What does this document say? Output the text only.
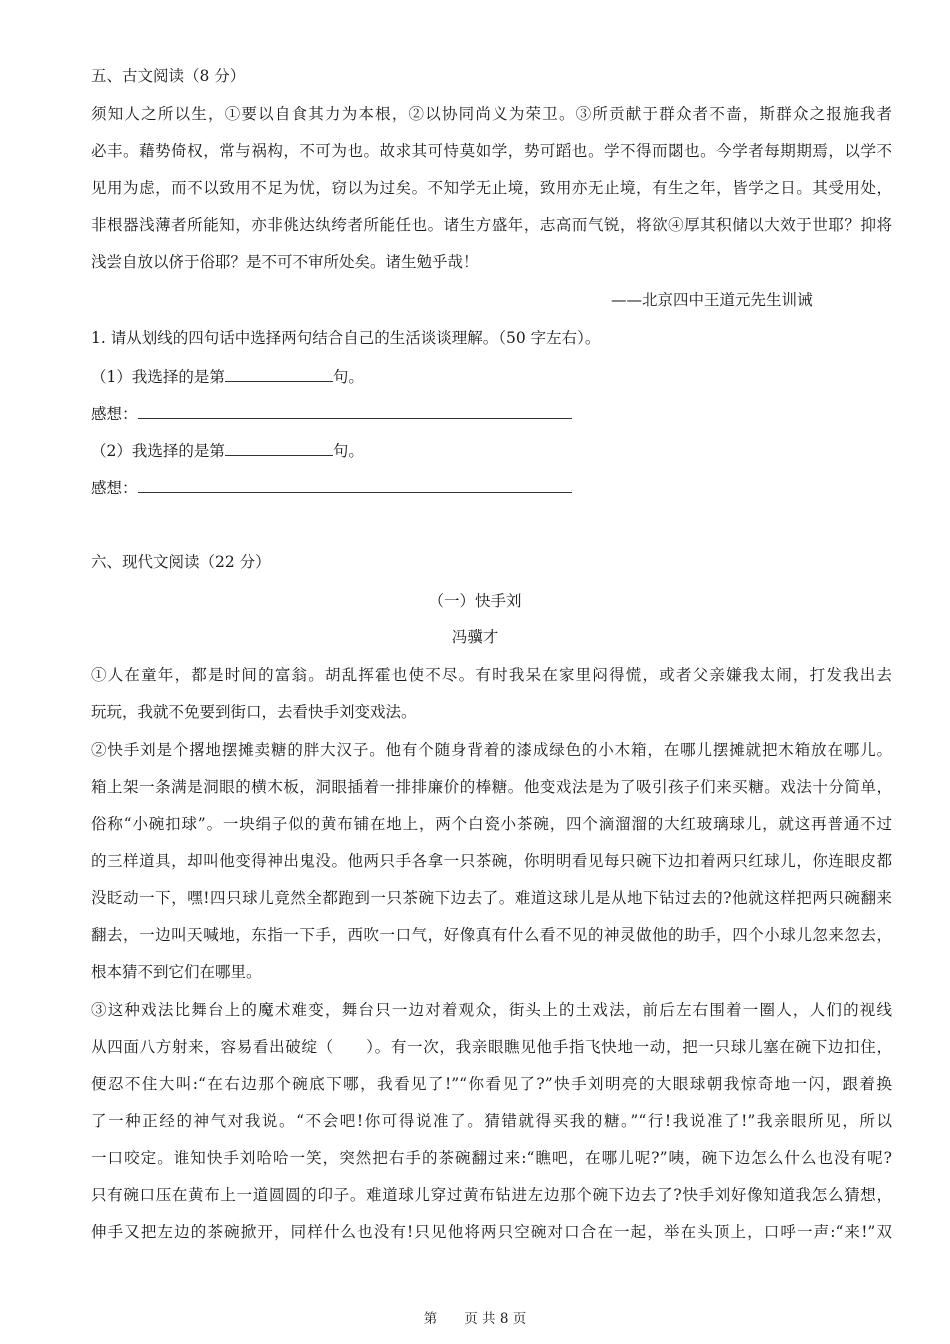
五、古文阅读（8 分）
须知人之所以生，①要以自食其力为本根，②以协同尚义为荣卫。③所贡献于群众者不啬，斯群众之报施我者
必丰。藉势倚权，常与祸构，不可为也。故求其可恃莫如学，势可蹈也。学不得而閟也。今学者每期期焉，以学不
见用为虑，而不以致用不足为忧，窃以为过矣。不知学无止境，致用亦无止境，有生之年，皆学之日。其受用处，
非根器浅薄者所能知，亦非佻达纨绔者所能任也。诸生方盛年，志高而气锐，将欲④厚其积储以大效于世耶？抑将
浅尝自放以侪于俗耶？是不可不审所处矣。诸生勉乎哉！
——北京四中王道元先生训诫
1. 请从划线的四句话中选择两句结合自己的生活谈谈理解。（50 字左右）。
（1）我选择的是第	句。
感想：
（2）我选择的是第	句。
感想：
六、现代文阅读（22 分）
（一）快手刘
冯骥才
①人在童年，都是时间的富翁。胡乱挥霍也使不尽。有时我呆在家里闷得慌，或者父亲嫌我太闹，打发我出去
玩玩，我就不免要到街口，去看快手刘变戏法。
②快手刘是个撂地摆摊卖糖的胖大汉子。他有个随身背着的漆成绿色的小木箱，在哪儿摆摊就把木箱放在哪儿。
箱上架一条满是洞眼的横木板，洞眼插着一排排廉价的棒糖。他变戏法是为了吸引孩子们来买糖。戏法十分简单，
俗称“小碗扣球”。一块绢子似的黄布铺在地上，两个白瓷小茶碗，四个滴溜溜的大红玻璃球儿，就这再普通不过
的三样道具，却叫他变得神出鬼没。他两只手各拿一只茶碗，你明明看见每只碗下边扣着两只红球儿，你连眼皮都
没眨动一下，嘿!四只球儿竟然全都跑到一只茶碗下边去了。难道这球儿是从地下钻过去的?他就这样把两只碗翻来
翻去，一边叫天喊地，东指一下手，西吹一口气，好像真有什么看不见的神灵做他的助手，四个小球儿忽来忽去，
根本猜不到它们在哪里。
③这种戏法比舞台上的魔术难变，舞台只一边对着观众，街头上的土戏法，前后左右围着一圈人，人们的视线
从四面八方射来，容易看出破绽（　　）。有一次，我亲眼瞧见他手指飞快地一动，把一只球儿塞在碗下边扣住，
便忍不住大叫:“在右边那个碗底下哪，我看见了!”“你看见了?”快手刘明亮的大眼球朝我惊奇地一闪，跟着换
了一种正经的神气对我说。“不会吧!你可得说准了。猜错就得买我的糖。”“行!我说准了!”我亲眼所见，所以
一口咬定。谁知快手刘哈哈一笑，突然把右手的茶碗翻过来:“瞧吧，在哪儿呢?”咦，碗下边怎么什么也没有呢?
只有碗口压在黄布上一道圆圆的印子。难道球儿穿过黄布钻进左边那个碗下边去了?快手刘好像知道我怎么猜想，
伸手又把左边的茶碗掀开，同样什么也没有!只见他将两只空碗对口合在一起，举在头顶上，口呼一声:“来!”双
第　　页 共 8 页
